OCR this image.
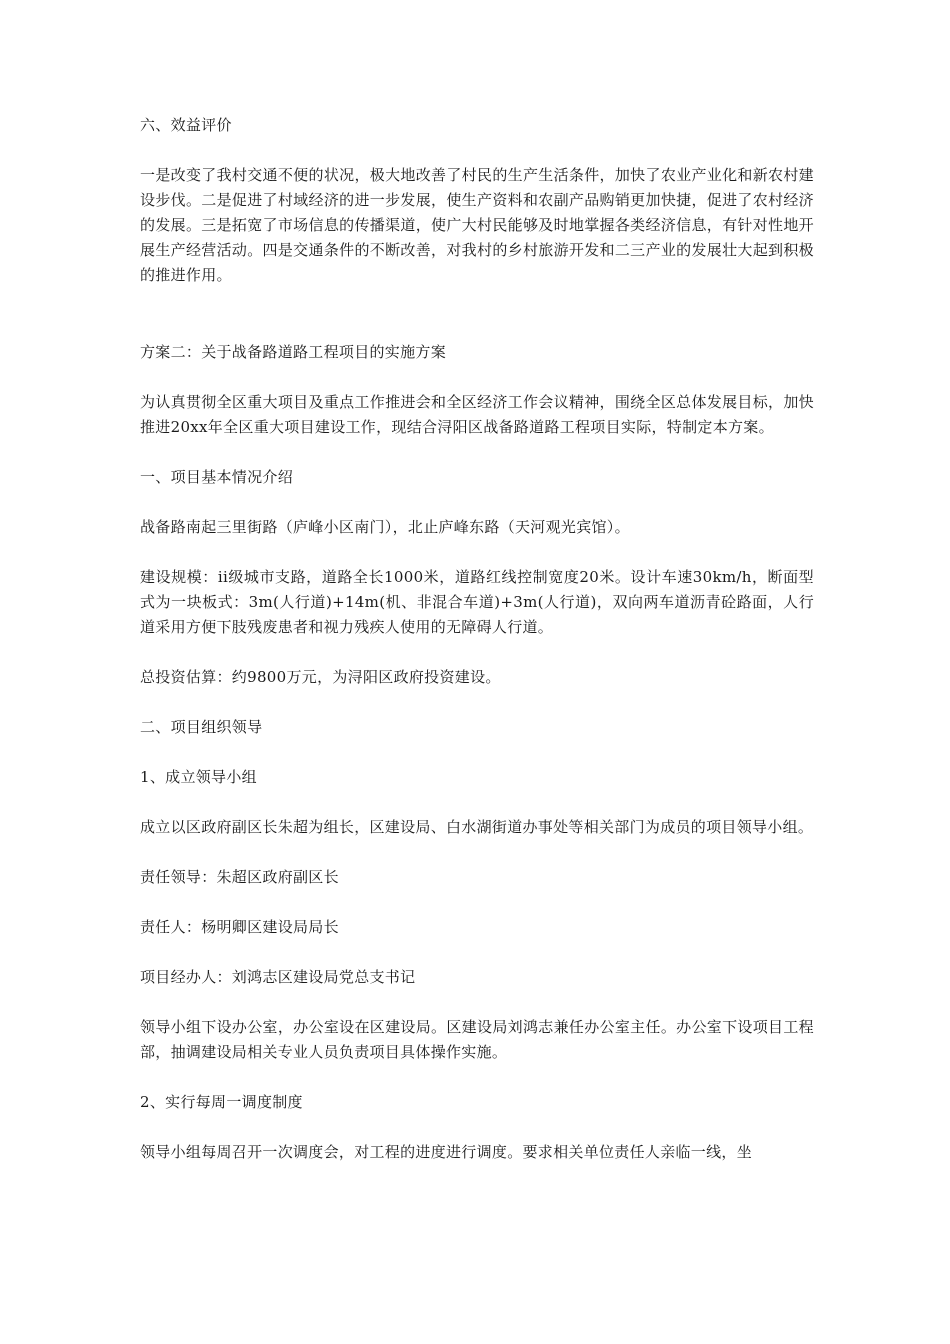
六、效益评价

一是改变了我村交通不便的状况，极大地改善了村民的生产生活条件，加快了农业产业化和新农村建设步伐。二是促进了村域经济的进一步发展，使生产资料和农副产品购销更加快捷，促进了农村经济的发展。三是拓宽了市场信息的传播渠道，使广大村民能够及时地掌握各类经济信息，有针对性地开展生产经营活动。四是交通条件的不断改善，对我村的乡村旅游开发和二三产业的发展壮大起到积极的推进作用。

方案二：关于战备路道路工程项目的实施方案

为认真贯彻全区重大项目及重点工作推进会和全区经济工作会议精神，围绕全区总体发展目标，加快推进20xx年全区重大项目建设工作，现结合浔阳区战备路道路工程项目实际，特制定本方案。

一、项目基本情况介绍

战备路南起三里街路（庐峰小区南门），北止庐峰东路（天河观光宾馆）。

建设规模：ii级城市支路，道路全长1000米，道路红线控制宽度20米。设计车速30km/h，断面型式为一块板式：3m(人行道)+14m(机、非混合车道)+3m(人行道)，双向两车道沥青砼路面，人行道采用方便下肢残废患者和视力残疾人使用的无障碍人行道。

总投资估算：约9800万元，为浔阳区政府投资建设。

二、项目组织领导

1、成立领导小组

成立以区政府副区长朱超为组长，区建设局、白水湖街道办事处等相关部门为成员的项目领导小组。

责任领导：朱超区政府副区长

责任人：杨明卿区建设局局长

项目经办人：刘鸿志区建设局党总支书记

领导小组下设办公室，办公室设在区建设局。区建设局刘鸿志兼任办公室主任。办公室下设项目工程部，抽调建设局相关专业人员负责项目具体操作实施。

2、实行每周一调度制度

领导小组每周召开一次调度会，对工程的进度进行调度。要求相关单位责任人亲临一线，坐
